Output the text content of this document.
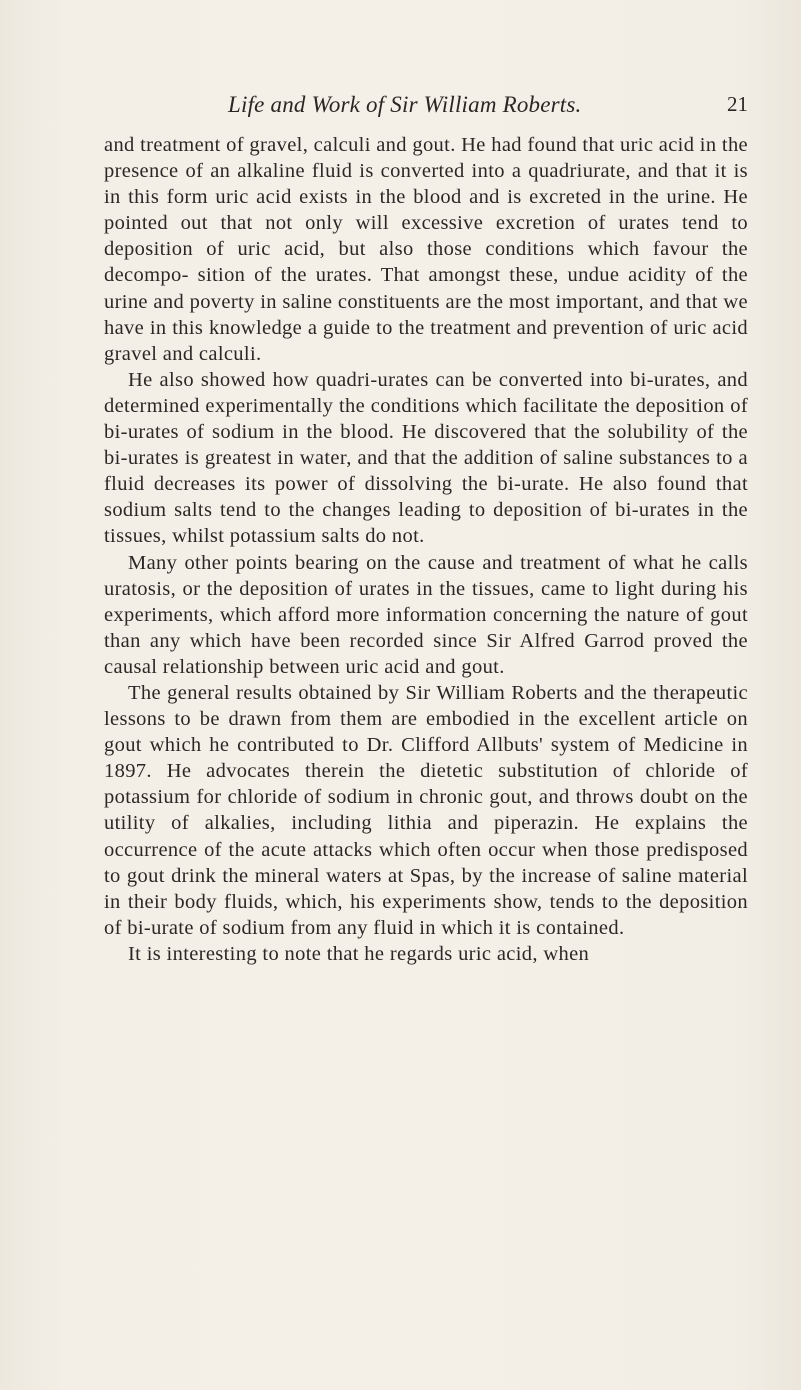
Life and Work of Sir William Roberts.	21

and treatment of gravel, calculi and gout. He had found that uric acid in the presence of an alkaline fluid is converted into a quadriurate, and that it is in this form uric acid exists in the blood and is excreted in the urine. He pointed out that not only will excessive excretion of urates tend to deposition of uric acid, but also those conditions which favour the decompo- sition of the urates. That amongst these, undue acidity of the urine and poverty in saline constituents are the most important, and that we have in this knowledge a guide to the treatment and prevention of uric acid gravel and calculi.

He also showed how quadri-urates can be converted into bi-urates, and determined experimentally the conditions which facilitate the deposition of bi-urates of sodium in the blood. He discovered that the solubility of the bi-urates is greatest in water, and that the addition of saline substances to a fluid decreases its power of dissolving the bi-urate. He also found that sodium salts tend to the changes leading to deposition of bi-urates in the tissues, whilst potassium salts do not.

Many other points bearing on the cause and treatment of what he calls uratosis, or the deposition of urates in the tissues, came to light during his experiments, which afford more information concerning the nature of gout than any which have been recorded since Sir Alfred Garrod proved the causal relationship between uric acid and gout.

The general results obtained by Sir William Roberts and the therapeutic lessons to be drawn from them are embodied in the excellent article on gout which he contributed to Dr. Clifford Allbuts' system of Medicine in 1897. He advocates therein the dietetic substitution of chloride of potassium for chloride of sodium in chronic gout, and throws doubt on the utility of alkalies, including lithia and piperazin. He explains the occurrence of the acute attacks which often occur when those predisposed to gout drink the mineral waters at Spas, by the increase of saline material in their body fluids, which, his experiments show, tends to the deposition of bi-urate of sodium from any fluid in which it is contained.

It is interesting to note that he regards uric acid, when
